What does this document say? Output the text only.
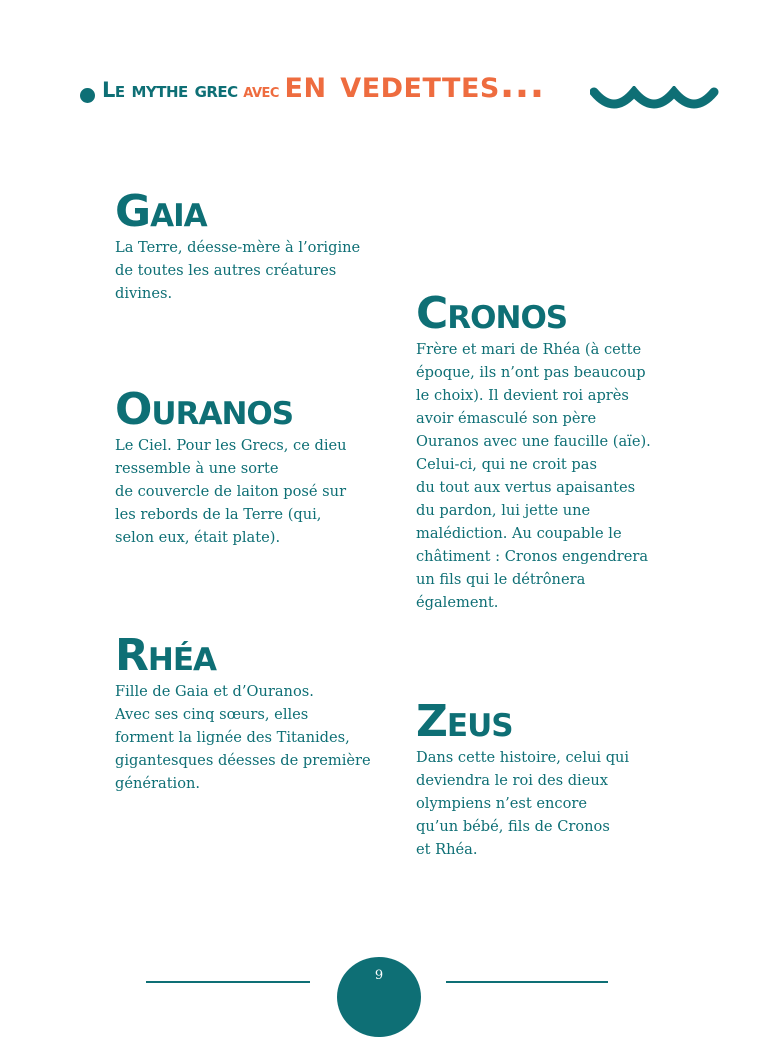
Le mythe grec avec en vedettes...
Gaia

La Terre, déesse-mère à l’origine
de toutes les autres créatures
divines.

Ouranos

Le Ciel. Pour les Grecs, ce dieu
ressemble à une sorte
de couvercle de laiton posé sur
les rebords de la Terre (qui,
selon eux, était plate).

Rhéa

Fille de Gaia et d’Ouranos.
Avec ses cinq sœurs, elles
forment la lignée des Titanides,
gigantesques déesses de première
génération.

Cronos

Frère et mari de Rhéa (à cette
époque, ils n’ont pas beaucoup
le choix). Il devient roi après
avoir émasculé son père
Ouranos avec une faucille (aïe).
Celui-ci, qui ne croit pas
du tout aux vertus apaisantes
du pardon, lui jette une
malédiction. Au coupable le
châtiment : Cronos engendrera
un fils qui le détrônera
également.

Zeus

Dans cette histoire, celui qui
deviendra le roi des dieux
olympiens n’est encore
qu’un bébé, fils de Cronos
et Rhéa.

9
